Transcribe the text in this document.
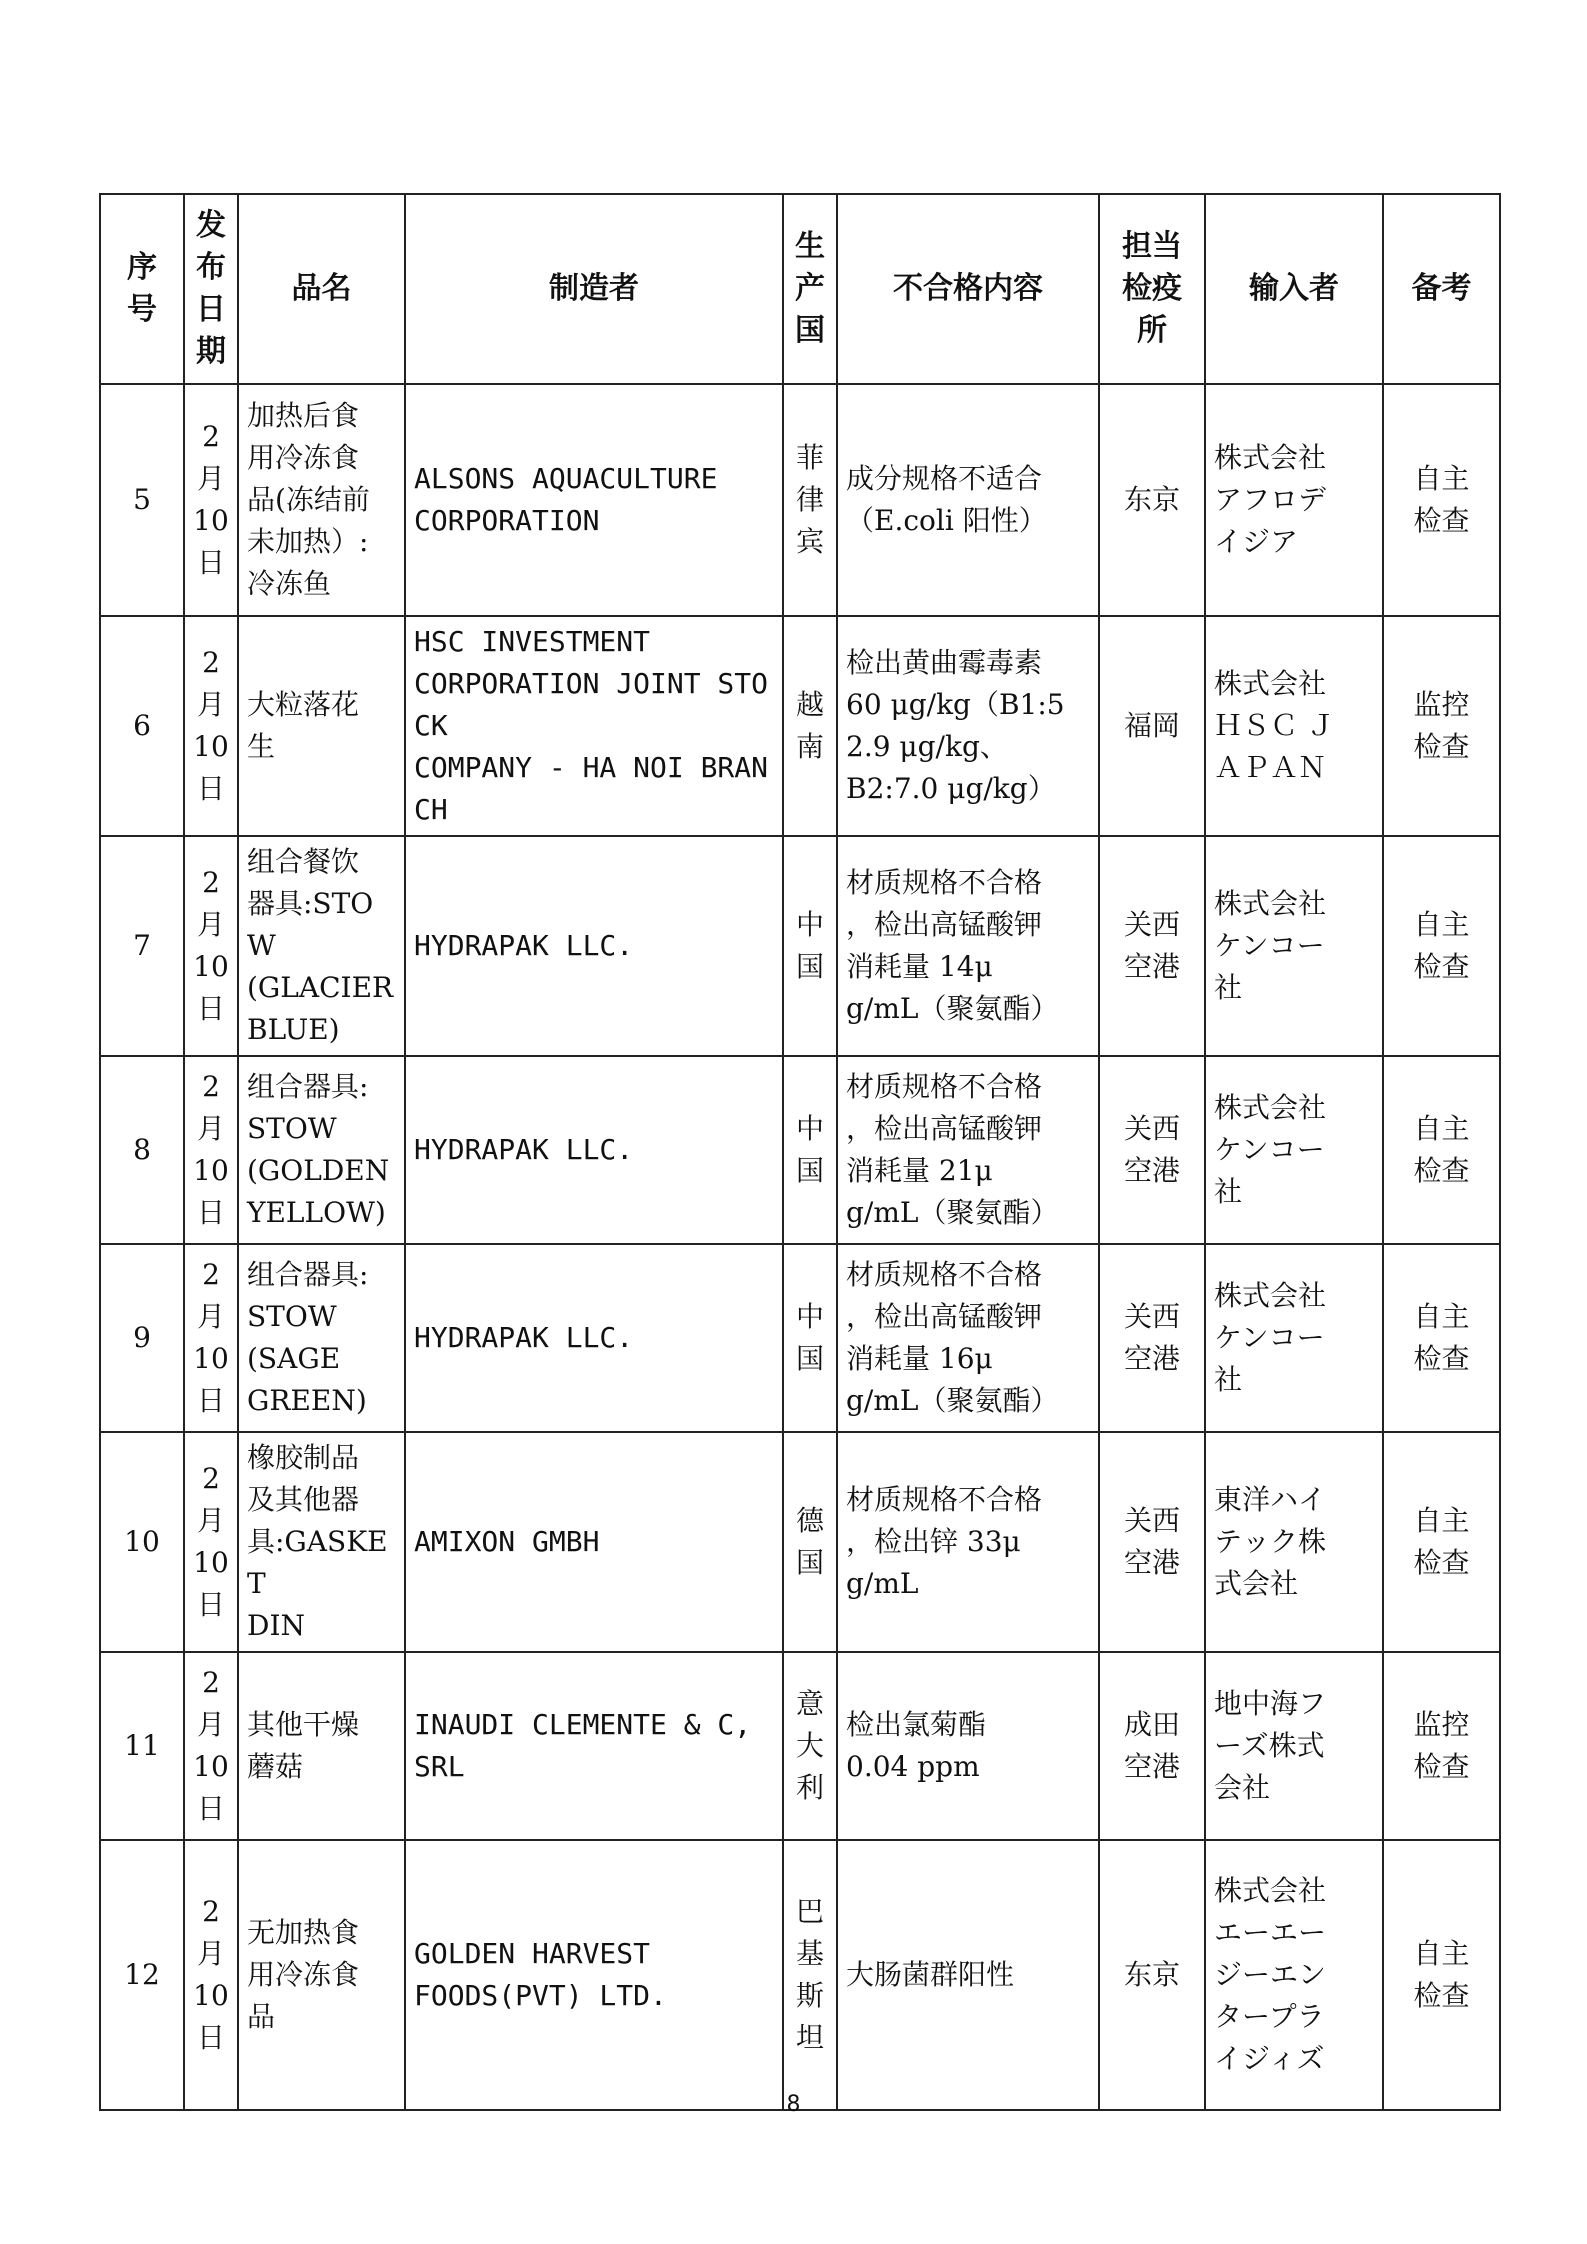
序
号	发
布
日
期	品名	制造者	生
产
国	不合格内容	担当
检疫
所	输入者	备考

5	2
月
10
日	加热后食
用冷冻食
品(冻结前
未加热）:
冷冻鱼	ALSONS AQUACULTURE
CORPORATION	菲
律
宾	成分规格不适合
（E.coli 阳性）	东京	株式会社
アフロデ
イジア	自主
检查

6	2
月
10
日	大粒落花
生	HSC INVESTMENT
CORPORATION JOINT STOCK
COMPANY - HA NOI BRANCH	越
南	检出黄曲霉毒素
60 μg/kg（B1:5
2.9 μg/kg、
B2:7.0 μg/kg）	福岡	株式会社
ＨＳＣ Ｊ
ＡＰＡＮ	监控
检查

7	2
月
10
日	组合餐饮
器具:STOW
(GLACIER
BLUE)	HYDRAPAK LLC.	中
国	材质规格不合格
，检出高锰酸钾
消耗量 14μ
g/mL（聚氨酯）	关西
空港	株式会社
ケンコー
社	自主
检查

8	2
月
10
日	组合器具:
STOW
(GOLDEN
YELLOW)	HYDRAPAK LLC.	中
国	材质规格不合格
，检出高锰酸钾
消耗量 21μ
g/mL（聚氨酯）	关西
空港	株式会社
ケンコー
社	自主
检查

9	2
月
10
日	组合器具:
STOW
(SAGE
GREEN)	HYDRAPAK LLC.	中
国	材质规格不合格
，检出高锰酸钾
消耗量 16μ
g/mL（聚氨酯）	关西
空港	株式会社
ケンコー
社	自主
检查

10	2
月
10
日	橡胶制品
及其他器
具:GASKET
DIN	AMIXON GMBH	德
国	材质规格不合格
，检出锌 33μ
g/mL	关西
空港	東洋ハイ
テック株
式会社	自主
检查

11	2
月
10
日	其他干燥
蘑菇	INAUDI CLEMENTE & C, SRL	意
大
利	检出氯菊酯
0.04 ppm	成田
空港	地中海フ
ーズ株式
会社	监控
检查

12	2
月
10
日	无加热食
用冷冻食
品	GOLDEN HARVEST
FOODS(PVT) LTD.	巴
基
斯
坦	大肠菌群阳性	东京	株式会社
エーエー
ジーエン
タープラ
イジィズ	自主
检查
8
